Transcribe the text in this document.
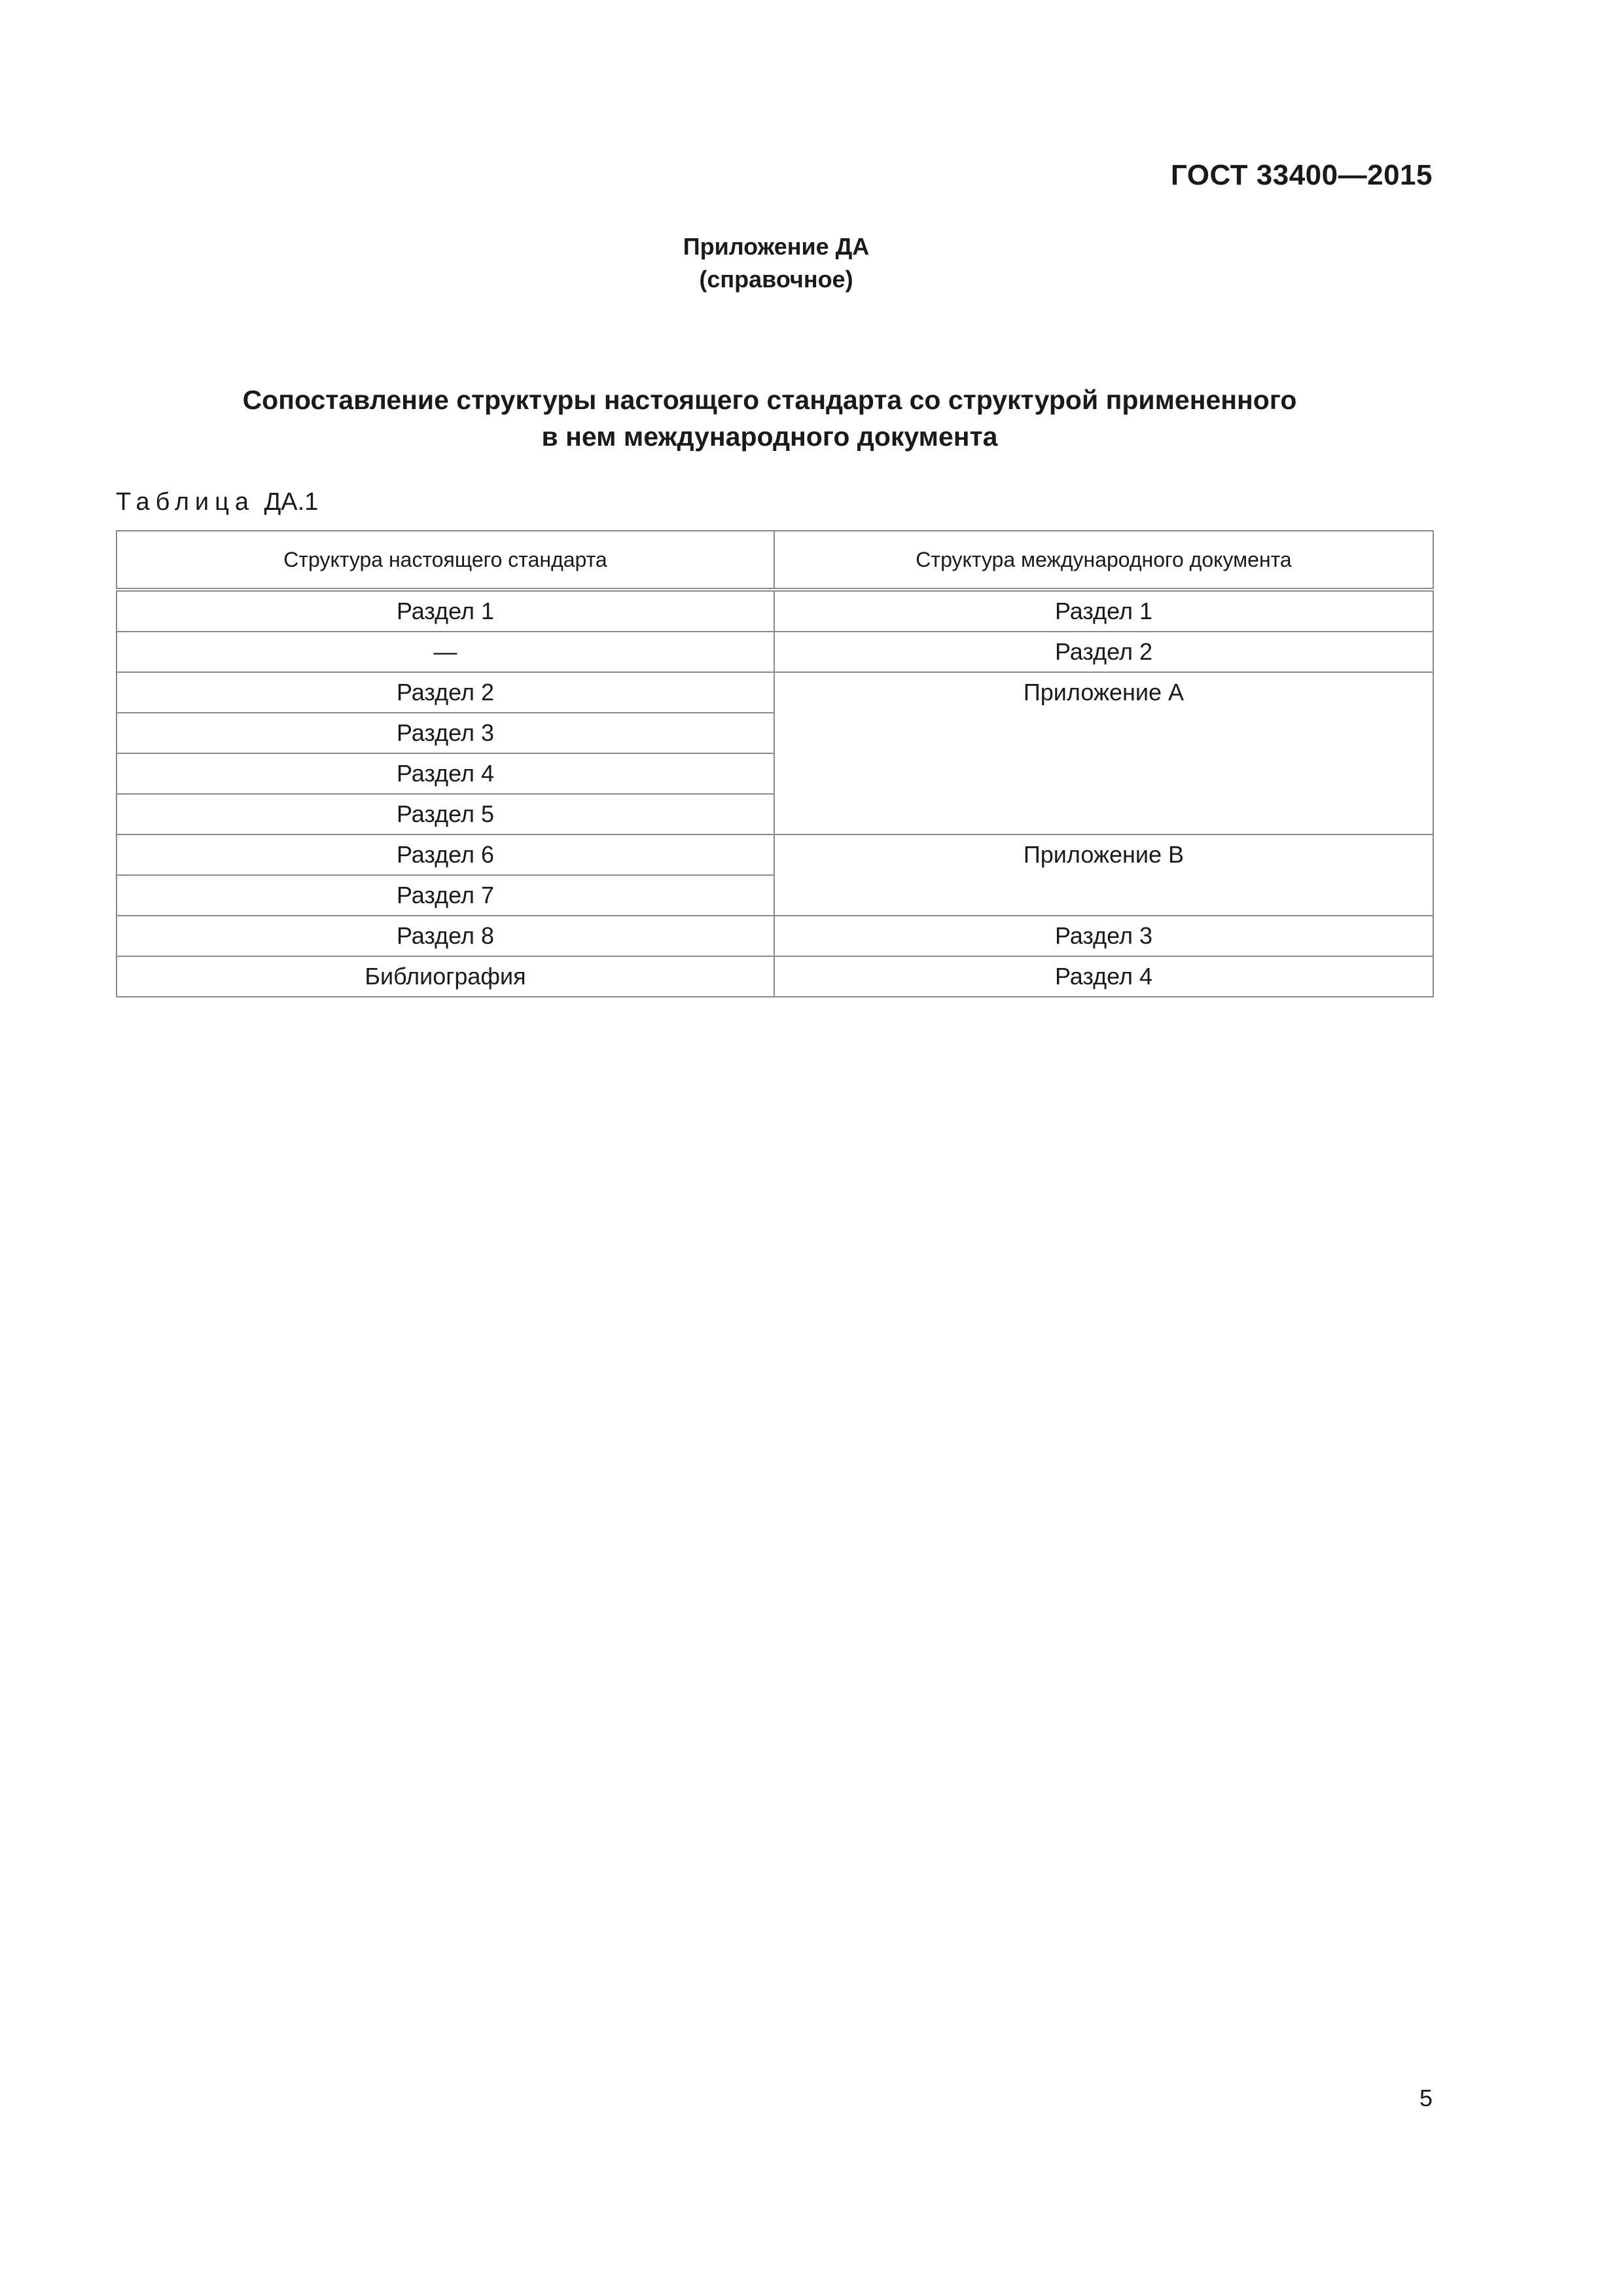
ГОСТ 33400—2015
Приложение ДА
(справочное)
Сопоставление структуры настоящего стандарта со структурой примененного
в нем международного документа
Таблица ДА.1
Структура настоящего стандарта	Структура международного документа
Раздел 1	Раздел 1
—	Раздел 2
Раздел 2	Приложение А
Раздел 3	
Раздел 4	
Раздел 5	
Раздел 6	Приложение В
Раздел 7	
Раздел 8	Раздел 3
Библиография	Раздел 4
5
